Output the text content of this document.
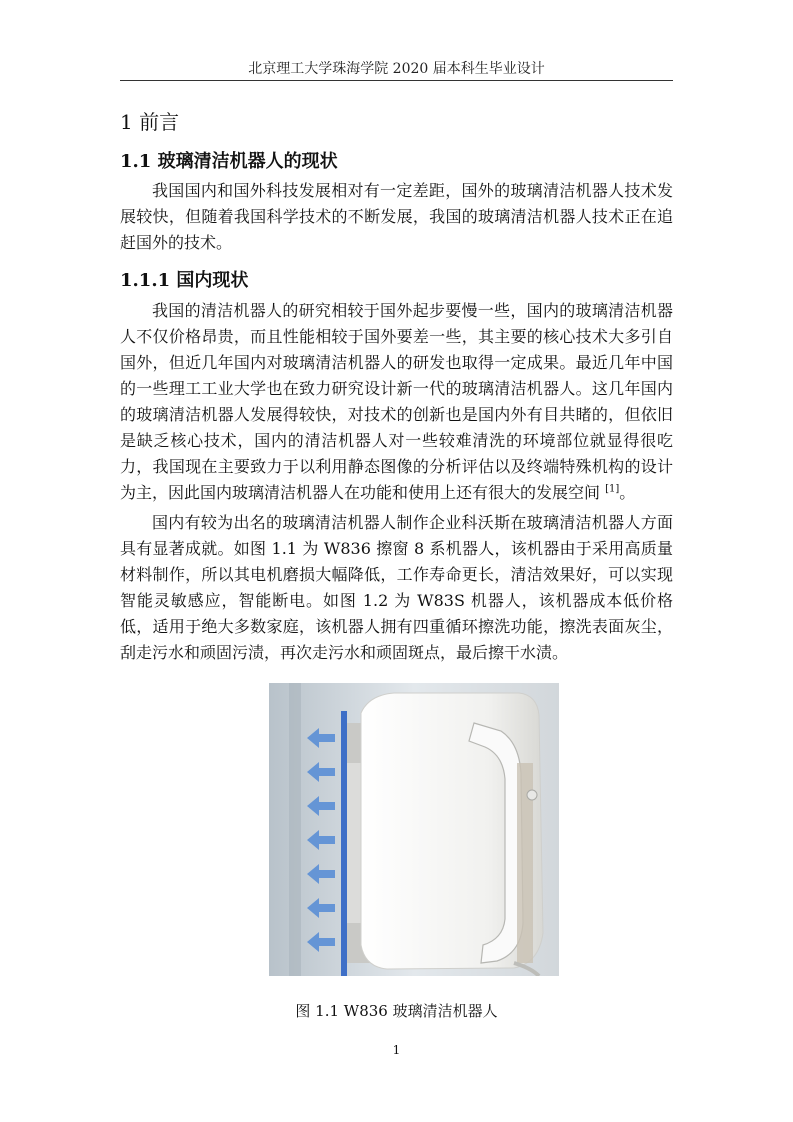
北京理工大学珠海学院 2020 届本科生毕业设计
1 前言
1.1 玻璃清洁机器人的现状
我国国内和国外科技发展相对有一定差距，国外的玻璃清洁机器人技术发展较快，但随着我国科学技术的不断发展，我国的玻璃清洁机器人技术正在追赶国外的技术。
1.1.1 国内现状
我国的清洁机器人的研究相较于国外起步要慢一些，国内的玻璃清洁机器人不仅价格昂贵，而且性能相较于国外要差一些，其主要的核心技术大多引自国外，但近几年国内对玻璃清洁机器人的研发也取得一定成果。最近几年中国的一些理工工业大学也在致力研究设计新一代的玻璃清洁机器人。这几年国内的玻璃清洁机器人发展得较快，对技术的创新也是国内外有目共睹的，但依旧是缺乏核心技术，国内的清洁机器人对一些较难清洗的环境部位就显得很吃力，我国现在主要致力于以利用静态图像的分析评估以及终端特殊机构的设计为主，因此国内玻璃清洁机器人在功能和使用上还有很大的发展空间 [1]。
国内有较为出名的玻璃清洁机器人制作企业科沃斯在玻璃清洁机器人方面具有显著成就。如图 1.1 为 W836 擦窗 8 系机器人，该机器由于采用高质量材料制作，所以其电机磨损大幅降低，工作寿命更长，清洁效果好，可以实现智能灵敏感应，智能断电。如图 1.2 为 W83S 机器人，该机器成本低价格低，适用于绝大多数家庭，该机器人拥有四重循环擦洗功能，擦洗表面灰尘，刮走污水和顽固污渍，再次走污水和顽固斑点，最后擦干水渍。
图 1.1 W836 玻璃清洁机器人
1
